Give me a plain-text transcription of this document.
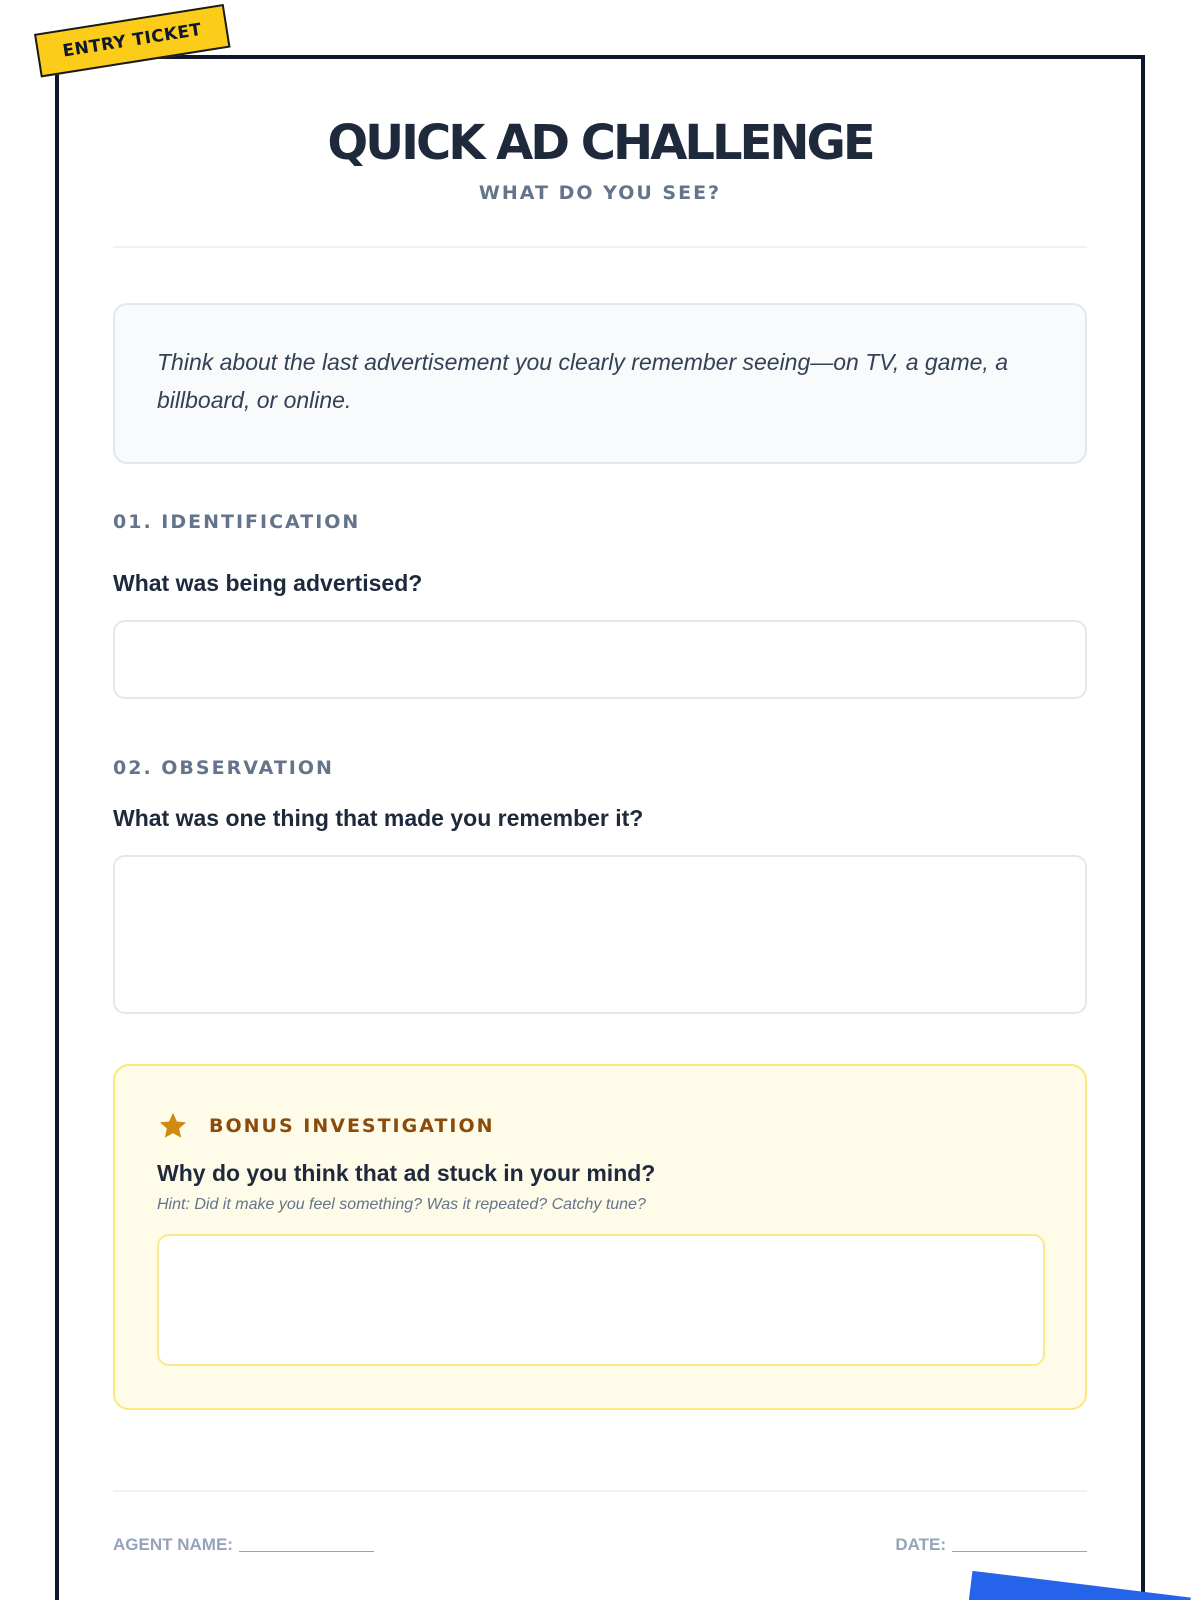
ENTRY TICKET
QUICK AD CHALLENGE
WHAT DO YOU SEE?

Think about the last advertisement you clearly remember seeing—on TV, a game, a billboard, or online.

01. IDENTIFICATION
What was being advertised?
02. OBSERVATION
What was one thing that made you remember it?
BONUS INVESTIGATION
Why do you think that ad stuck in your mind?
Hint: Did it make you feel something? Was it repeated? Catchy tune?
AGENT NAME:	DATE:
